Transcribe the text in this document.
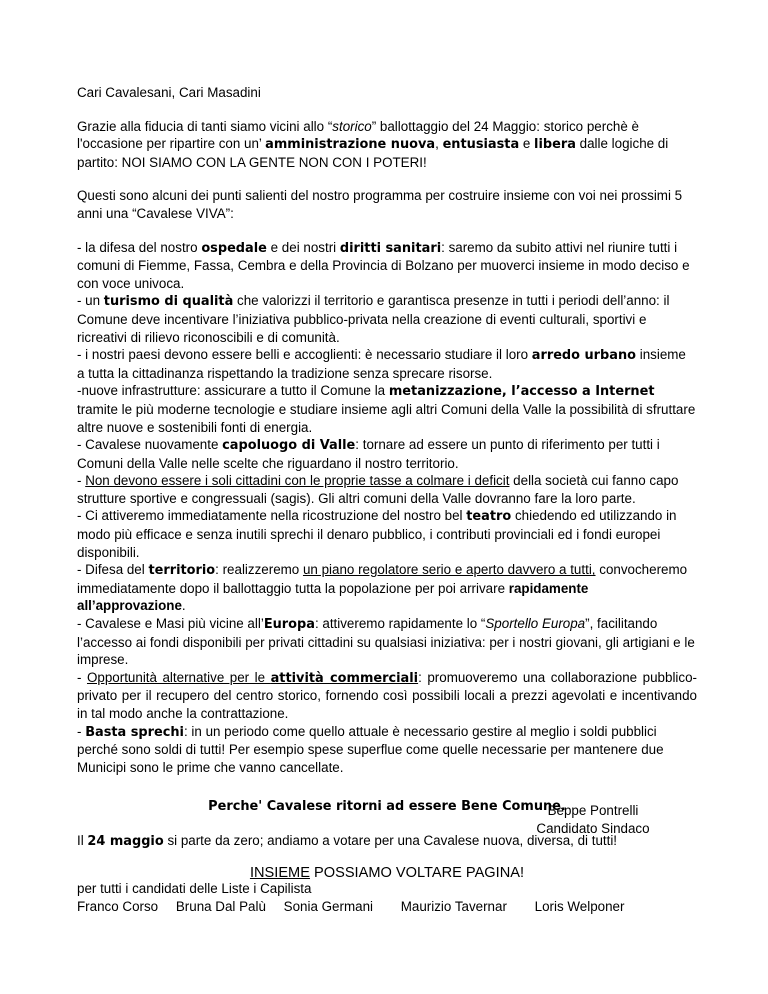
Cari Cavalesani, Cari Masadini

Grazie alla fiducia di tanti siamo vicini allo “storico” ballottaggio del 24 Maggio: storico perchè è l'occasione per ripartire con un’ amministrazione nuova, entusiasta e libera dalle logiche di partito: NOI SIAMO CON LA GENTE NON CON I POTERI!

Questi sono alcuni dei punti salienti del nostro programma per costruire insieme con voi nei prossimi 5 anni una “Cavalese VIVA”:

- la difesa del nostro ospedale e dei nostri diritti sanitari: saremo da subito attivi nel riunire tutti i comuni di Fiemme, Fassa, Cembra e della Provincia di Bolzano per muoverci insieme in modo deciso e con voce univoca.

- un turismo di qualità che valorizzi il territorio e garantisca presenze in tutti i periodi dell’anno: il Comune deve incentivare l’iniziativa pubblico-privata nella creazione di eventi culturali, sportivi e ricreativi di rilievo riconoscibili e di comunità.

- i nostri paesi devono essere belli e accoglienti: è necessario studiare il loro arredo urbano insieme a tutta la cittadinanza rispettando la tradizione senza sprecare risorse.

-nuove infrastrutture: assicurare a tutto il Comune la metanizzazione, l’accesso a Internet tramite le più moderne tecnologie e studiare insieme agli altri Comuni della Valle la possibilità di sfruttare altre nuove e sostenibili fonti di energia.

- Cavalese nuovamente capoluogo di Valle: tornare ad essere un punto di riferimento per tutti i Comuni della Valle nelle scelte che riguardano il nostro territorio.

- Non devono essere i soli cittadini con le proprie tasse a colmare i deficit della società cui fanno capo strutture sportive e congressuali (sagis). Gli altri comuni della Valle dovranno fare la loro parte.

- Ci attiveremo immediatamente nella ricostruzione del nostro bel teatro chiedendo ed utilizzando in modo più efficace e senza inutili sprechi il denaro pubblico, i contributi provinciali ed i fondi europei disponibili.

- Difesa del territorio: realizzeremo un piano regolatore serio e aperto davvero a tutti, convocheremo immediatamente dopo il ballottaggio tutta la popolazione per poi arrivare rapidamente all’approvazione.

- Cavalese e Masi più vicine all’Europa: attiveremo rapidamente lo “Sportello Europa”, facilitando l’accesso ai fondi disponibili per privati cittadini su qualsiasi iniziativa: per i nostri giovani, gli artigiani e le imprese.

- Opportunità alternative per le attività commerciali: promuoveremo una collaborazione pubblico-privato per il recupero del centro storico, fornendo così possibili locali a prezzi agevolati e incentivando in tal modo anche la contrattazione.

- Basta sprechi: in un periodo come quello attuale è necessario gestire al meglio i soldi pubblici perché sono soldi di tutti! Per esempio spese superflue come quelle necessarie per mantenere due Municipi sono le prime che vanno cancellate.

Perche' Cavalese ritorni ad essere Bene Comune.

Il 24 maggio si parte da zero; andiamo a votare per una Cavalese nuova, diversa, di tutti!

INSIEME POSSIAMO VOLTARE PAGINA!

Beppe Pontrelli

Candidato Sindaco

per tutti i candidati delle Liste i Capilista

Franco Corso Bruna Dal Palù Sonia Germani Maurizio Tavernar Loris Welponer
